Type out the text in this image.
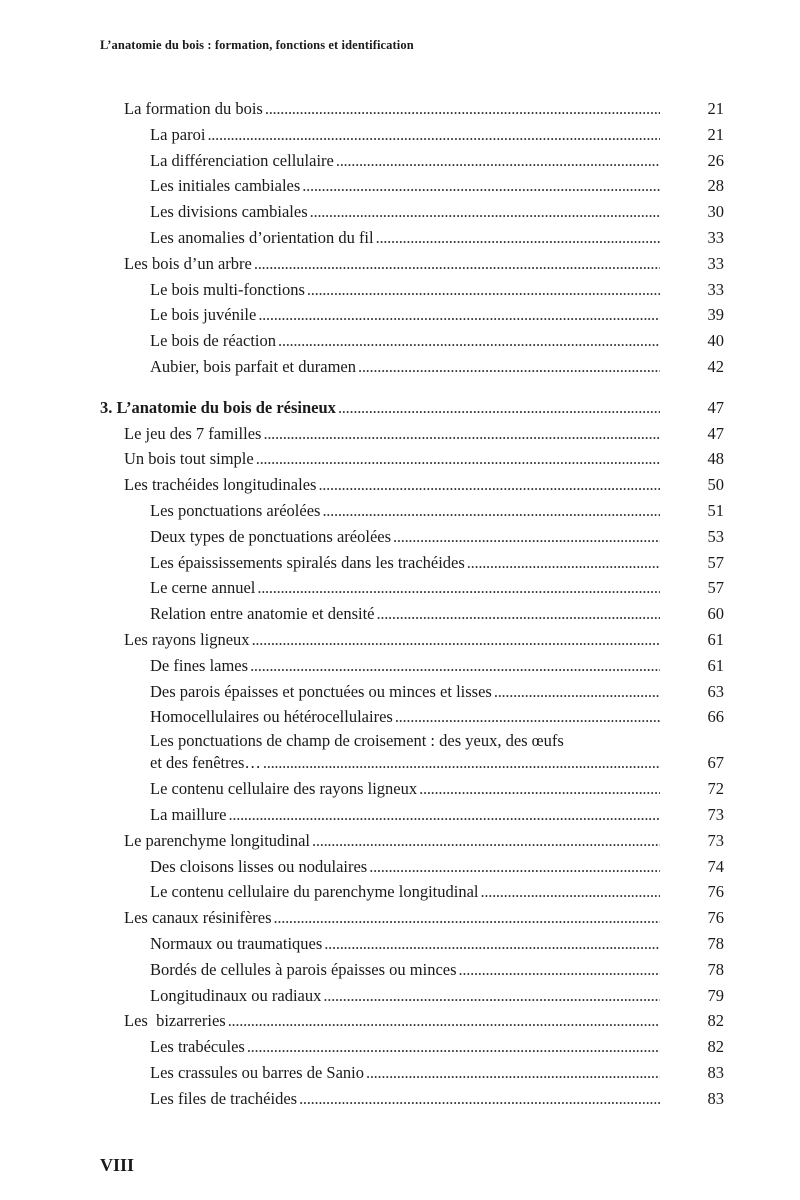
L’anatomie du bois : formation, fonctions et identification
La formation du bois . . .	21
La paroi . . .	21
La différenciation cellulaire . . .	26
Les initiales cambiales . . .	28
Les divisions cambiales . . .	30
Les anomalies d’orientation du fil . . .	33
Les bois d’un arbre . . .	33
Le bois multi-fonctions . . .	33
Le bois juvénile . . .	39
Le bois de réaction . . .	40
Aubier, bois parfait et duramen . . .	42
3. L’anatomie du bois de résineux . . .	47
Le jeu des 7 familles . . .	47
Un bois tout simple . . .	48
Les trachéides longitudinales . . .	50
Les ponctuations aréolées . . .	51
Deux types de ponctuations aréolées . . .	53
Les épaississements spiralés dans les trachéides . . .	57
Le cerne annuel . . .	57
Relation entre anatomie et densité . . .	60
Les rayons ligneux . . .	61
De fines lames . . .	61
Des parois épaisses et ponctuées ou minces et lisses . . .	63
Homocellulaires ou hétérocellulaires . . .	66
Les ponctuations de champ de croisement : des yeux, des œufs
et des fenêtres… . . .	67
Le contenu cellulaire des rayons ligneux . . .	72
La maillure . . .	73
Le parenchyme longitudinal . . .	73
Des cloisons lisses ou nodulaires . . .	74
Le contenu cellulaire du parenchyme longitudinal . . .	76
Les canaux résinifères . . .	76
Normaux ou traumatiques . . .	78
Bordés de cellules à parois épaisses ou minces . . .	78
Longitudinaux ou radiaux . . .	79
Les  bizarreries . . .	82
Les trabécules . . .	82
Les crassules ou barres de Sanio . . .	83
Les files de trachéides . . .	83
VIII
